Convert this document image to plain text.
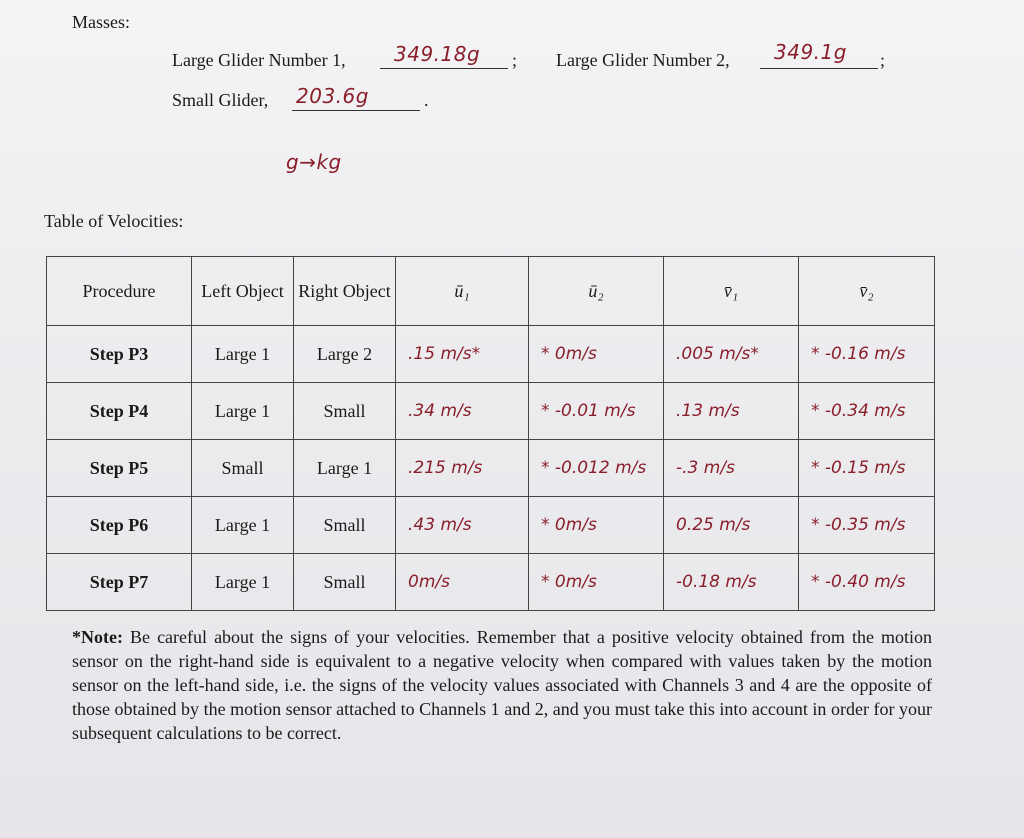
Masses:
Large Glider Number 1, 349.18g ; Large Glider Number 2, 349.1g ;
Small Glider, 203.6g	.
g→kg
Table of Velocities:
Procedure	Left Object	Right Object	ū₁	ū₂	v̄₁	v̄₂
Step P3	Large 1	Large 2	.15 m/s*	* 0m/s	.005 m/s*	* -0.16 m/s
Step P4	Large 1	Small	.34 m/s	* -0.01 m/s	.13 m/s	* -0.34 m/s
Step P5	Small	Large 1	.215 m/s	* -0.012 m/s	-.3 m/s	* -0.15 m/s
Step P6	Large 1	Small	.43 m/s	* 0m/s	0.25 m/s	* -0.35 m/s
Step P7	Large 1	Small	0m/s	* 0m/s	-0.18 m/s	* -0.40 m/s
*Note: Be careful about the signs of your velocities. Remember that a positive velocity obtained from the motion sensor on the right-hand side is equivalent to a negative velocity when compared with values taken by the motion sensor on the left-hand side, i.e. the signs of the velocity values associated with Channels 3 and 4 are the opposite of those obtained by the motion sensor attached to Channels 1 and 2, and you must take this into account in order for your subsequent calculations to be correct.
